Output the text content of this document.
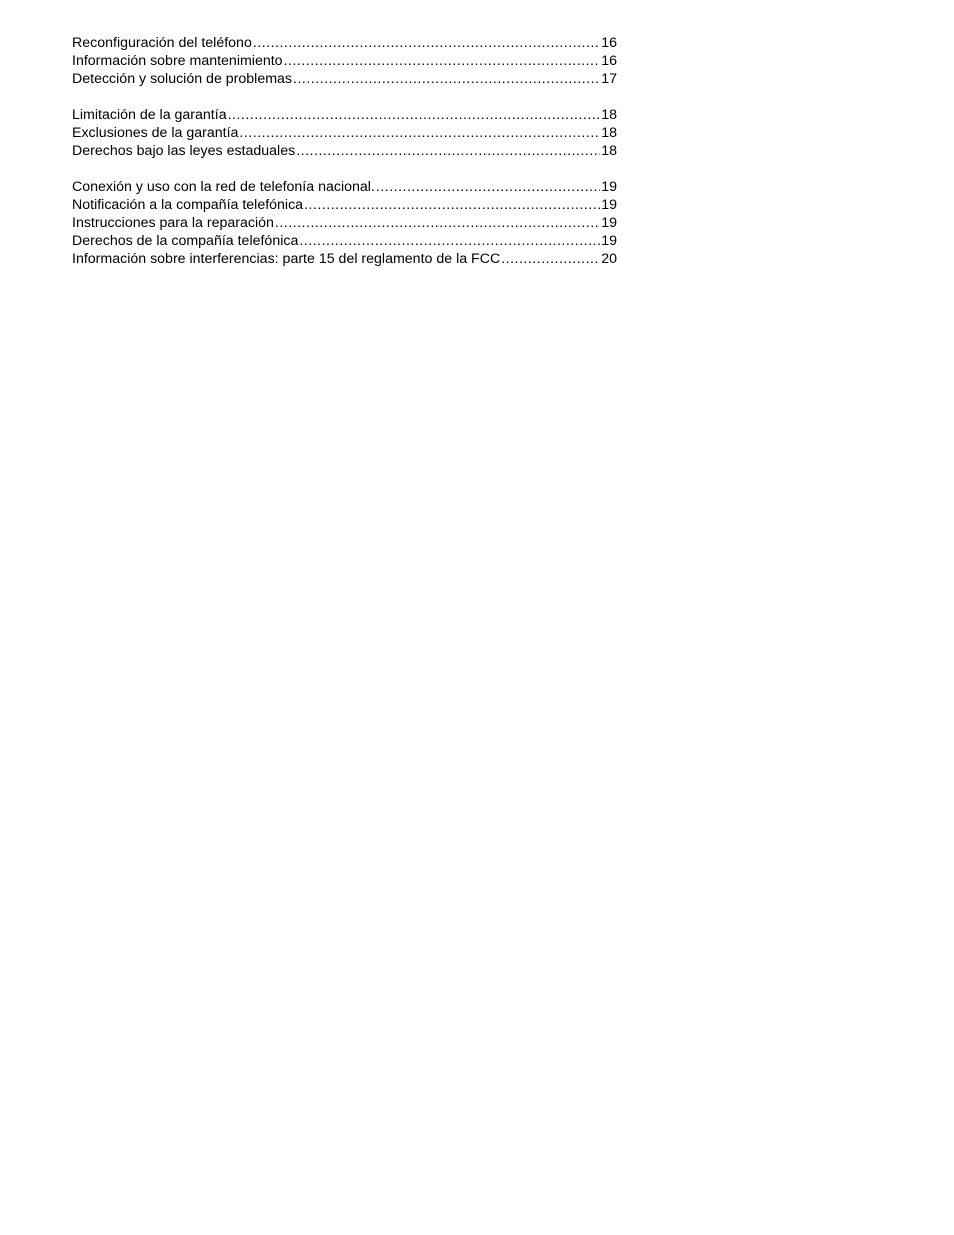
Reconfiguración del teléfono .....	16
Información sobre mantenimiento .....	16
Detección y solución de problemas .....	17
Limitación de la garantía .....	18
Exclusiones de la garantía .....	18
Derechos bajo las leyes estaduales .....	18
Conexión y uso con la red de telefonía nacional. .....	19
Notificación a la compañía telefónica .....	19
Instrucciones para la reparación .....	19
Derechos de la compañía telefónica .....	19
Información sobre interferencias: parte 15 del reglamento de la FCC .....	20
